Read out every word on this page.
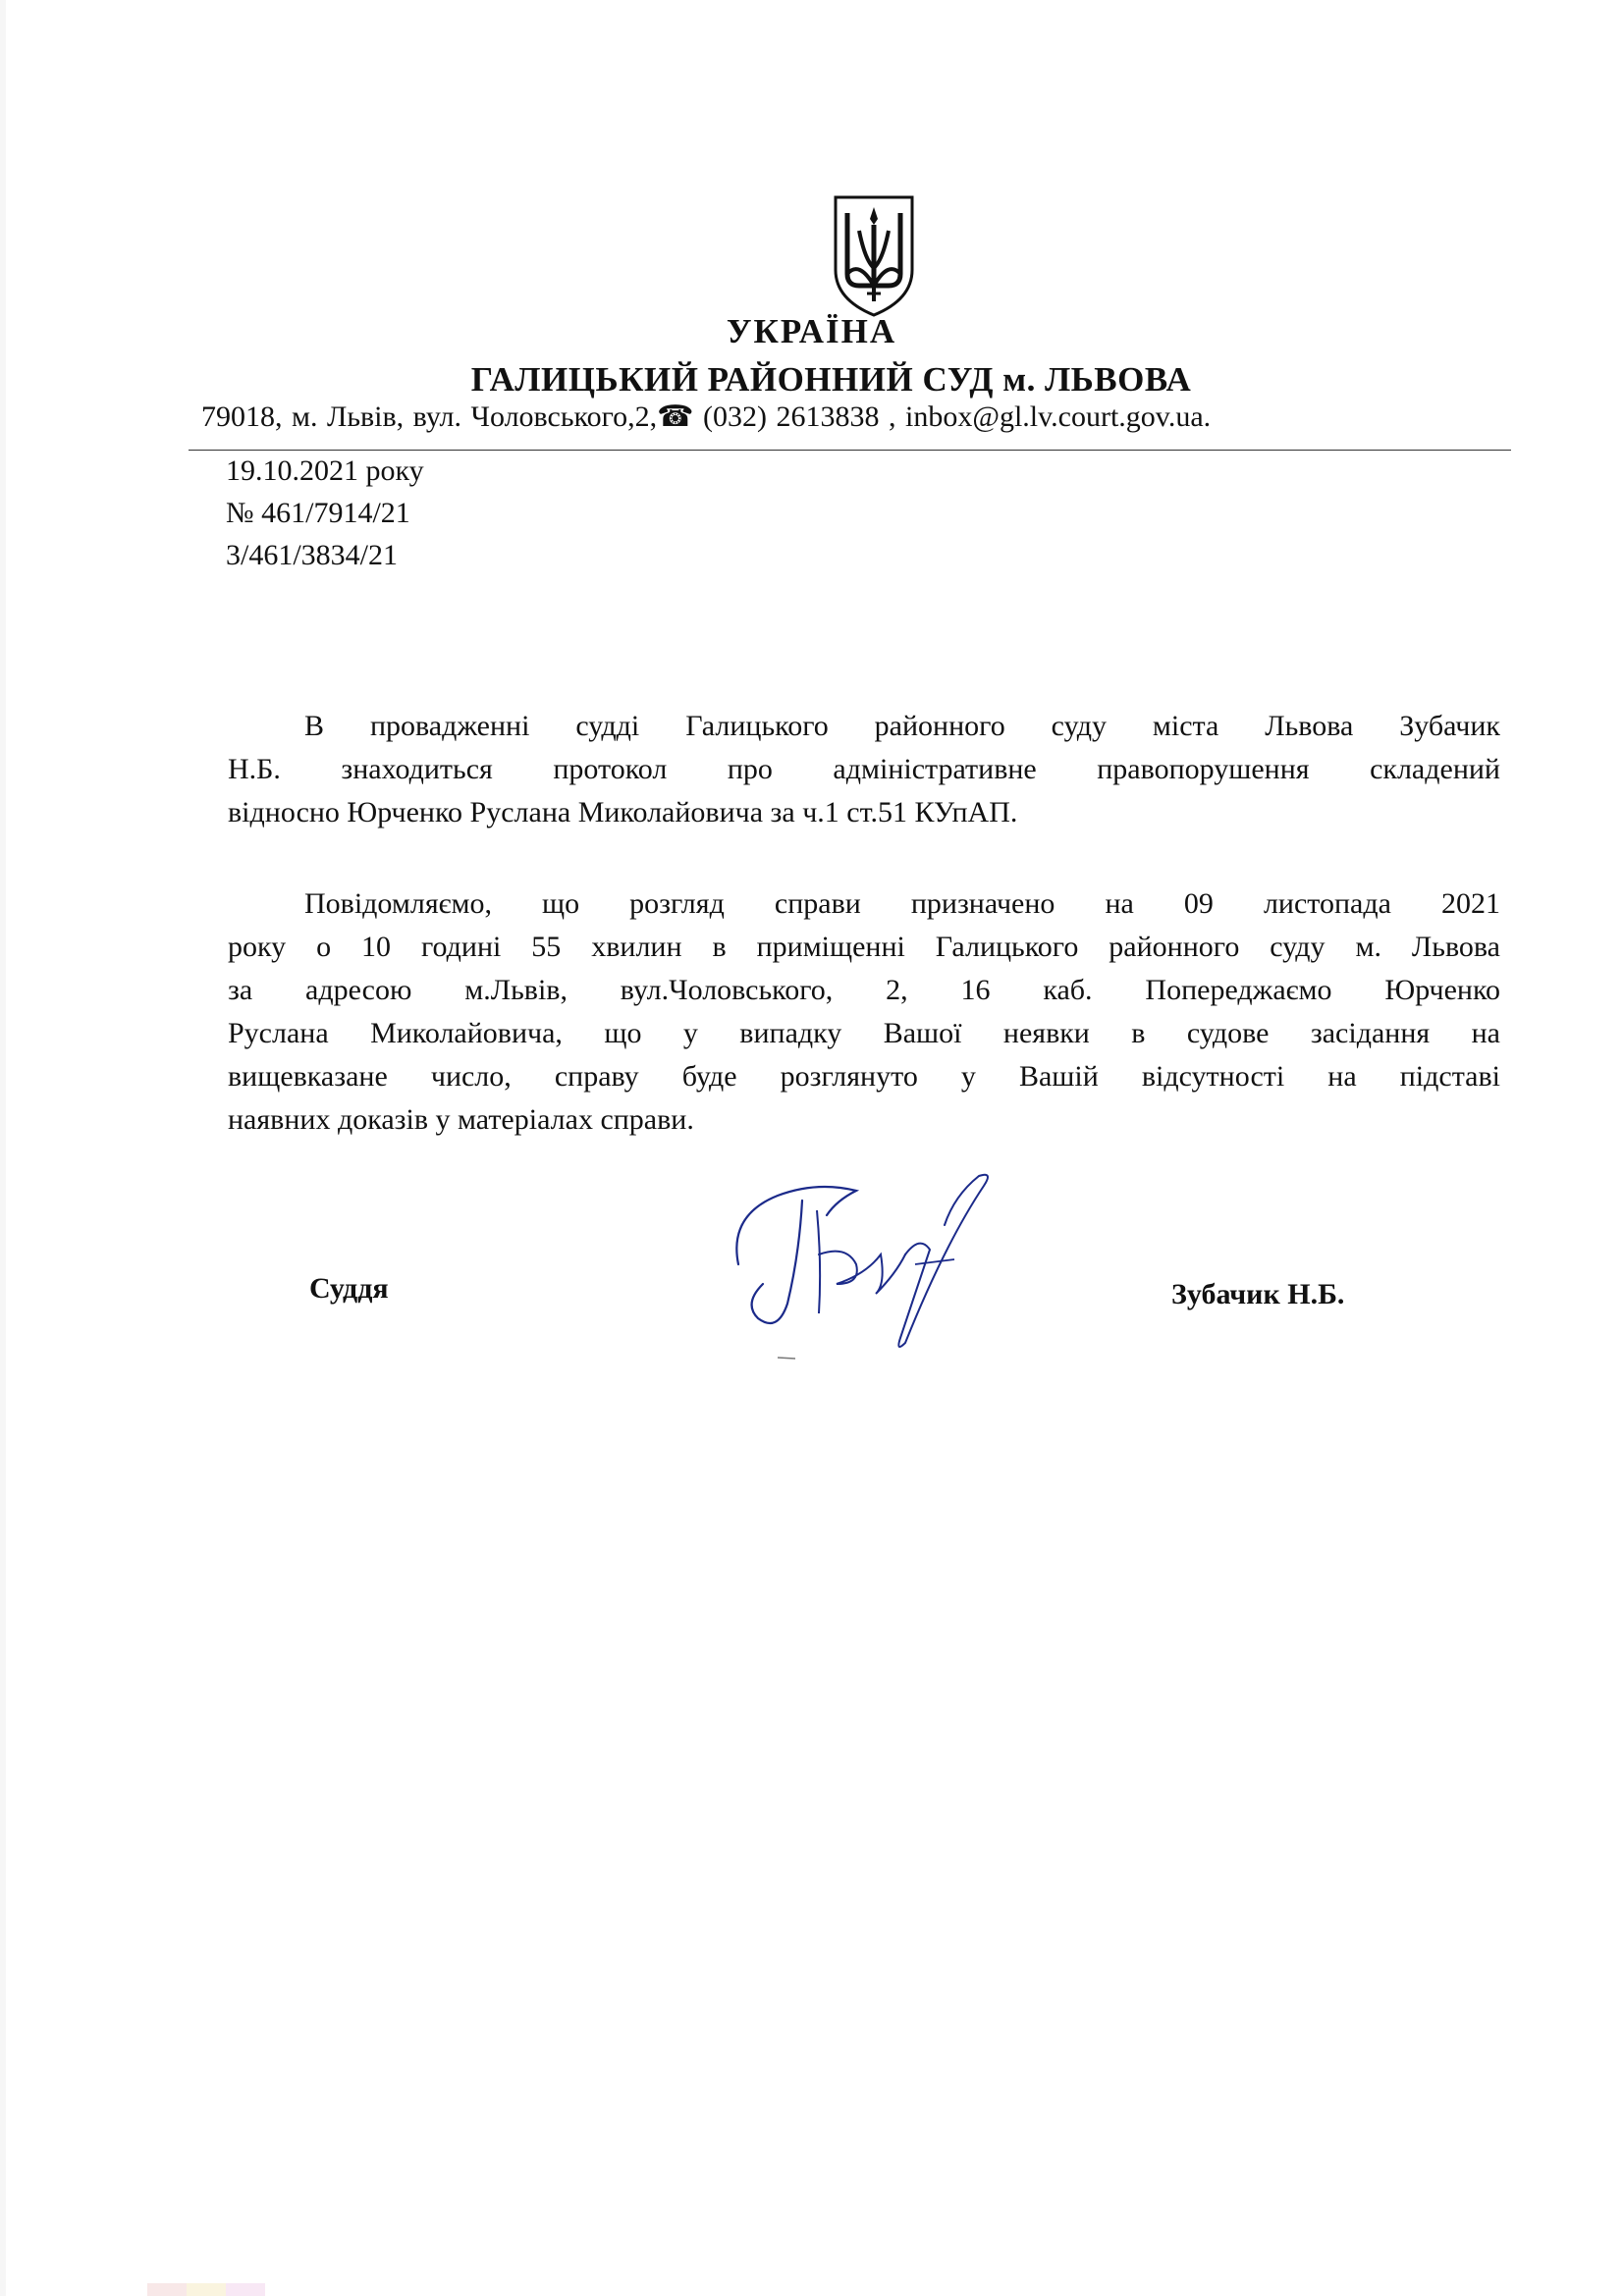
УКРАЇНА
ГАЛИЦЬКИЙ РАЙОННИЙ СУД м. ЛЬВОВА
79018, м. Львів, вул. Чоловського,2,☎ (032) 2613838 , inbox@gl.lv.court.gov.ua.
19.10.2021 року
№ 461/7914/21
3/461/3834/21
В провадженні судді Галицького районного суду міста Львова Зубачик
Н.Б. знаходиться протокол про адміністративне правопорушення складений
відносно Юрченко Руслана Миколайовича за ч.1 ст.51 КУпАП.
Повідомляємо, що розгляд справи призначено на 09 листопада 2021
року о 10 годині 55 хвилин в приміщенні Галицького районного суду м. Львова
за адресою м.Львів, вул.Чоловського, 2, 16 каб. Попереджаємо Юрченко
Руслана Миколайовича, що у випадку Вашої неявки в судове засідання на
вищевказане число, справу буде розглянуто у Вашій відсутності на підставі
наявних доказів у матеріалах справи.
Суддя	Зубачик Н.Б.
